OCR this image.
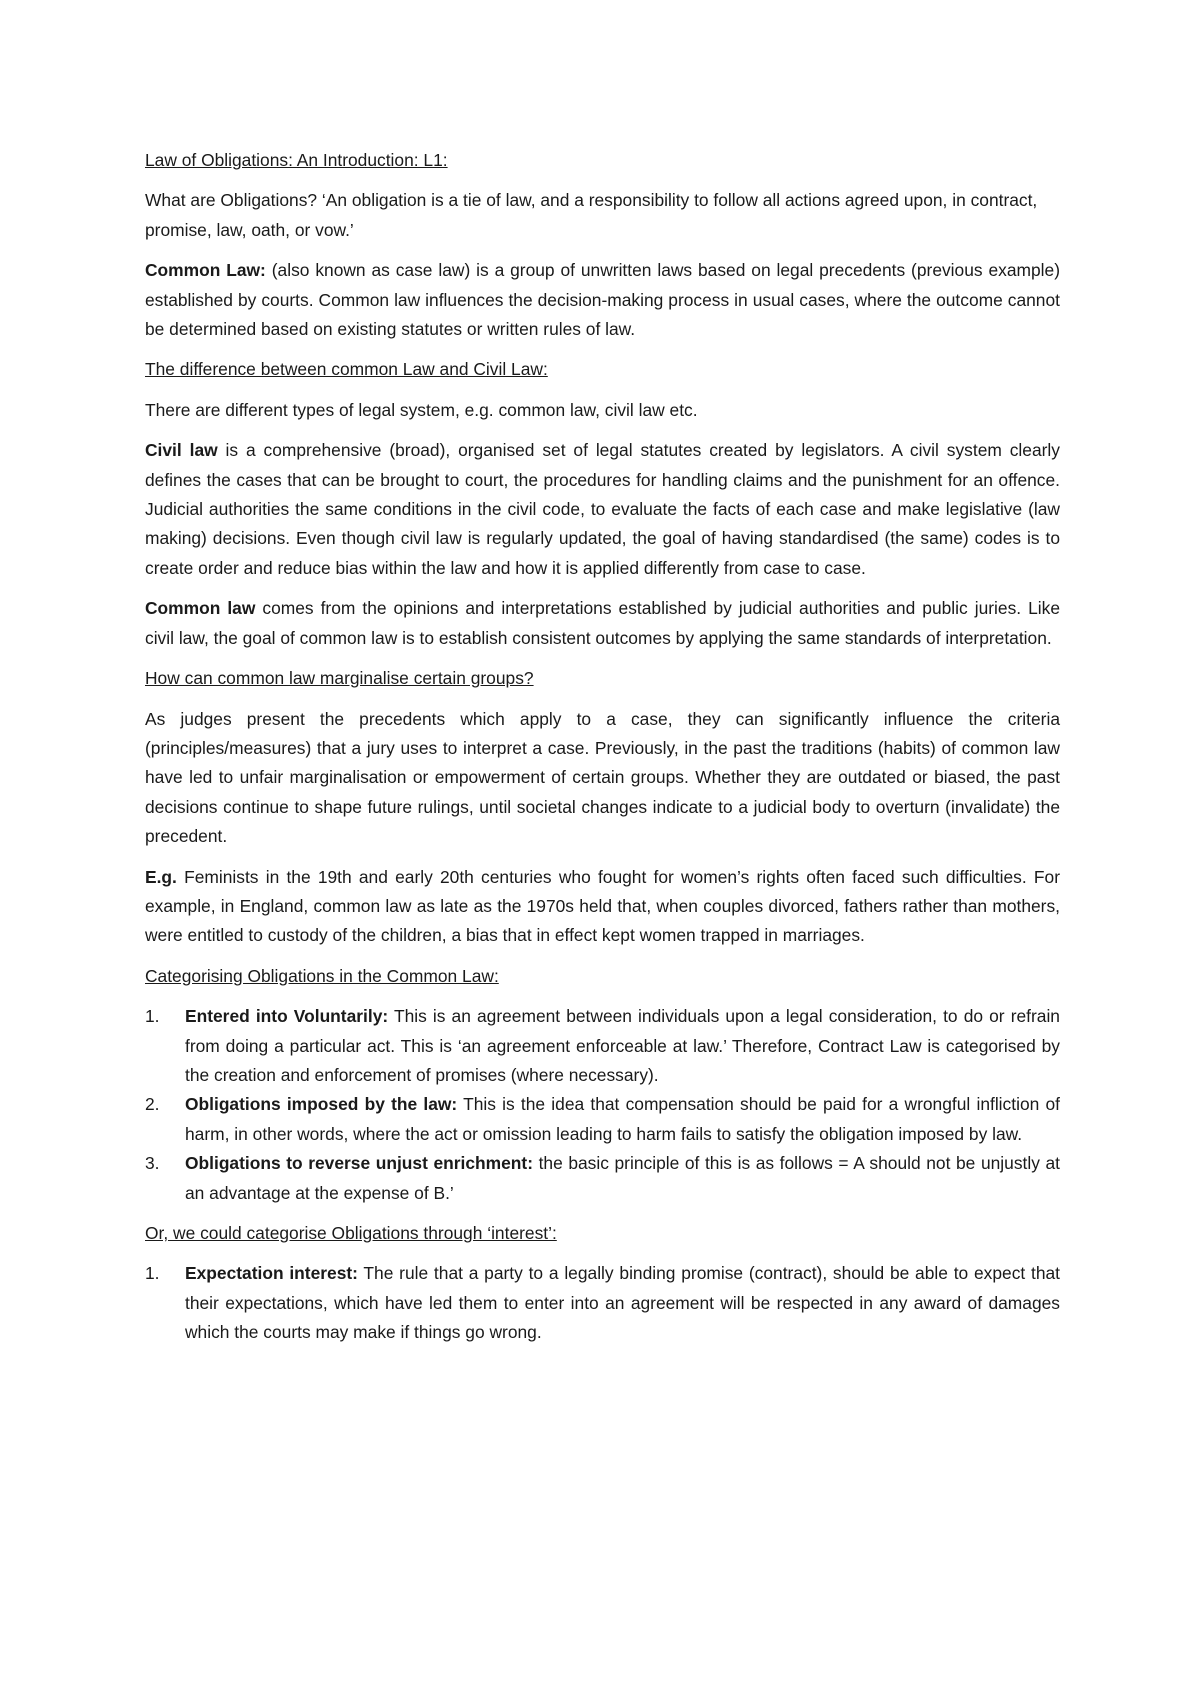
Law of Obligations: An Introduction: L1:

What are Obligations? ‘An obligation is a tie of law, and a responsibility to follow all actions agreed upon, in contract, promise, law, oath, or vow.’

Common Law: (also known as case law) is a group of unwritten laws based on legal precedents (previous example) established by courts. Common law influences the decision-making process in usual cases, where the outcome cannot be determined based on existing statutes or written rules of law.

The difference between common Law and Civil Law:

There are different types of legal system, e.g. common law, civil law etc.

Civil law is a comprehensive (broad), organised set of legal statutes created by legislators. A civil system clearly defines the cases that can be brought to court, the procedures for handling claims and the punishment for an offence. Judicial authorities the same conditions in the civil code, to evaluate the facts of each case and make legislative (law making) decisions. Even though civil law is regularly updated, the goal of having standardised (the same) codes is to create order and reduce bias within the law and how it is applied differently from case to case.

Common law comes from the opinions and interpretations established by judicial authorities and public juries. Like civil law, the goal of common law is to establish consistent outcomes by applying the same standards of interpretation.

How can common law marginalise certain groups?

As judges present the precedents which apply to a case, they can significantly influence the criteria (principles/measures) that a jury uses to interpret a case. Previously, in the past the traditions (habits) of common law have led to unfair marginalisation or empowerment of certain groups. Whether they are outdated or biased, the past decisions continue to shape future rulings, until societal changes indicate to a judicial body to overturn (invalidate) the precedent.

E.g. Feminists in the 19th and early 20th centuries who fought for women’s rights often faced such difficulties. For example, in England, common law as late as the 1970s held that, when couples divorced, fathers rather than mothers, were entitled to custody of the children, a bias that in effect kept women trapped in marriages.

Categorising Obligations in the Common Law:

1. Entered into Voluntarily: This is an agreement between individuals upon a legal consideration, to do or refrain from doing a particular act. This is ‘an agreement enforceable at law.’ Therefore, Contract Law is categorised by the creation and enforcement of promises (where necessary).
2. Obligations imposed by the law: This is the idea that compensation should be paid for a wrongful infliction of harm, in other words, where the act or omission leading to harm fails to satisfy the obligation imposed by law.
3. Obligations to reverse unjust enrichment: the basic principle of this is as follows = A should not be unjustly at an advantage at the expense of B.’

Or, we could categorise Obligations through ‘interest’:

1. Expectation interest: The rule that a party to a legally binding promise (contract), should be able to expect that their expectations, which have led them to enter into an agreement will be respected in any award of damages which the courts may make if things go wrong.
